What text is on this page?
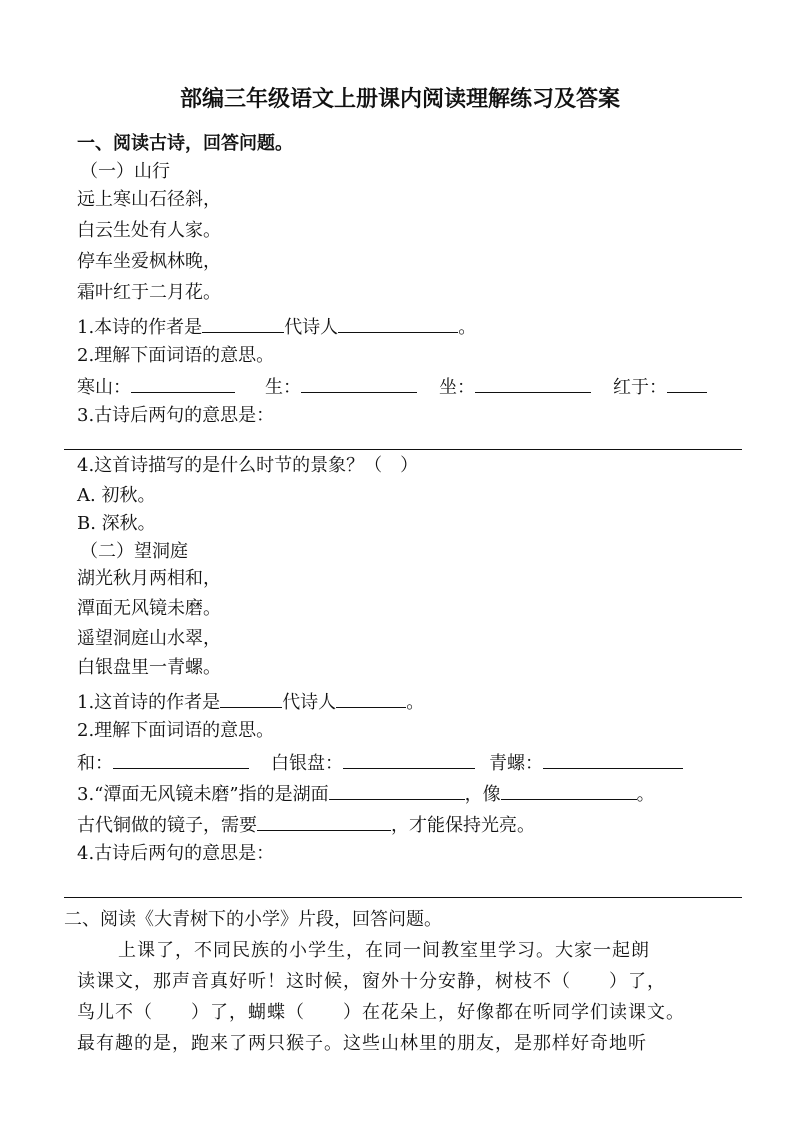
部编三年级语文上册课内阅读理解练习及答案
一、阅读古诗，回答问题。
（一）山行
远上寒山石径斜，
白云生处有人家。
停车坐爱枫林晚，
霜叶红于二月花。
1.本诗的作者是	代诗人	。
2.理解下面词语的意思。
寒山：	生：	坐：	红于：
3.古诗后两句的意思是：
4.这首诗描写的是什么时节的景象？（　）
A. 初秋。
B. 深秋。
（二）望洞庭
湖光秋月两相和，
潭面无风镜未磨。
遥望洞庭山水翠，
白银盘里一青螺。
1.这首诗的作者是	代诗人	。
2.理解下面词语的意思。
和：	白银盘：	青螺：
3.“潭面无风镜未磨”指的是湖面	，像	。
古代铜做的镜子，需要	，才能保持光亮。
4.古诗后两句的意思是：
二、阅读《大青树下的小学》片段，回答问题。
上课了，不同民族的小学生，在同一间教室里学习。大家一起朗
读课文，那声音真好听！这时候，窗外十分安静，树枝不（　　）了，
鸟儿不（　　）了，蝴蝶（　　）在花朵上，好像都在听同学们读课文。
最有趣的是，跑来了两只猴子。这些山林里的朋友，是那样好奇地听
